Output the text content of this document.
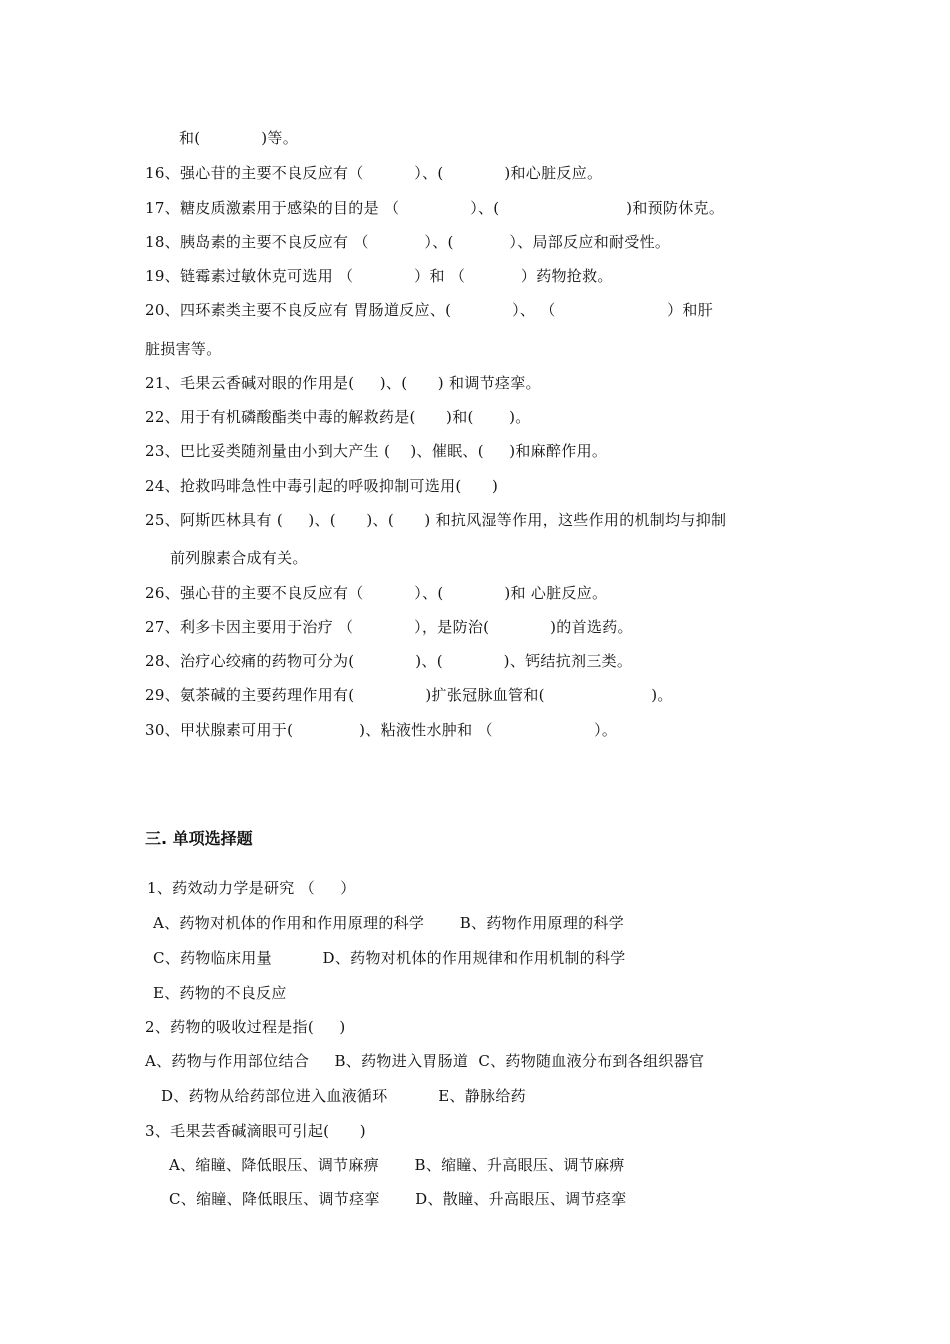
和(            )等。
16、强心苷的主要不良反应有（          ）、(            )和心脏反应。
17、糖皮质激素用于感染的目的是 （              ）、(                         )和预防休克。
18、胰岛素的主要不良反应有 （           ）、(           ）、局部反应和耐受性。
19、链霉素过敏休克可选用 （            ）和 （           ）药物抢救。
20、四环素类主要不良反应有 胃肠道反应、(            ）、 （                      ）和肝
脏损害等。
21、毛果云香碱对眼的作用是(     )、(      ) 和调节痉挛。
22、用于有机磷酸酯类中毒的解救药是(      )和(       )。
23、巴比妥类随剂量由小到大产生 (    )、催眠、(     )和麻醉作用。
24、抢救吗啡急性中毒引起的呼吸抑制可选用(      )
25、阿斯匹林具有 (     )、(      )、(      ) 和抗风湿等作用，这些作用的机制均与抑制
前列腺素合成有关。
26、强心苷的主要不良反应有（          ）、(            )和 心脏反应。
27、利多卡因主要用于治疗 （            ），是防治(            )的首选药。
28、治疗心绞痛的药物可分为(            )、(            )、钙结抗剂三类。
29、氨茶碱的主要药理作用有(              )扩张冠脉血管和(                     )。
30、甲状腺素可用于(             )、粘液性水肿和 （                    ）。
三. 单项选择题
1、药效动力学是研究 （     ）
A、药物对机体的作用和作用原理的科学       B、药物作用原理的科学
C、药物临床用量          D、药物对机体的作用规律和作用机制的科学
E、药物的不良反应
2、药物的吸收过程是指(     )
A、药物与作用部位结合     B、药物进入胃肠道  C、药物随血液分布到各组织器官
D、药物从给药部位进入血液循环          E、静脉给药
3、毛果芸香碱滴眼可引起(      )
A、缩瞳、降低眼压、调节麻痹       B、缩瞳、升高眼压、调节麻痹
C、缩瞳、降低眼压、调节痉挛       D、散瞳、升高眼压、调节痉挛
